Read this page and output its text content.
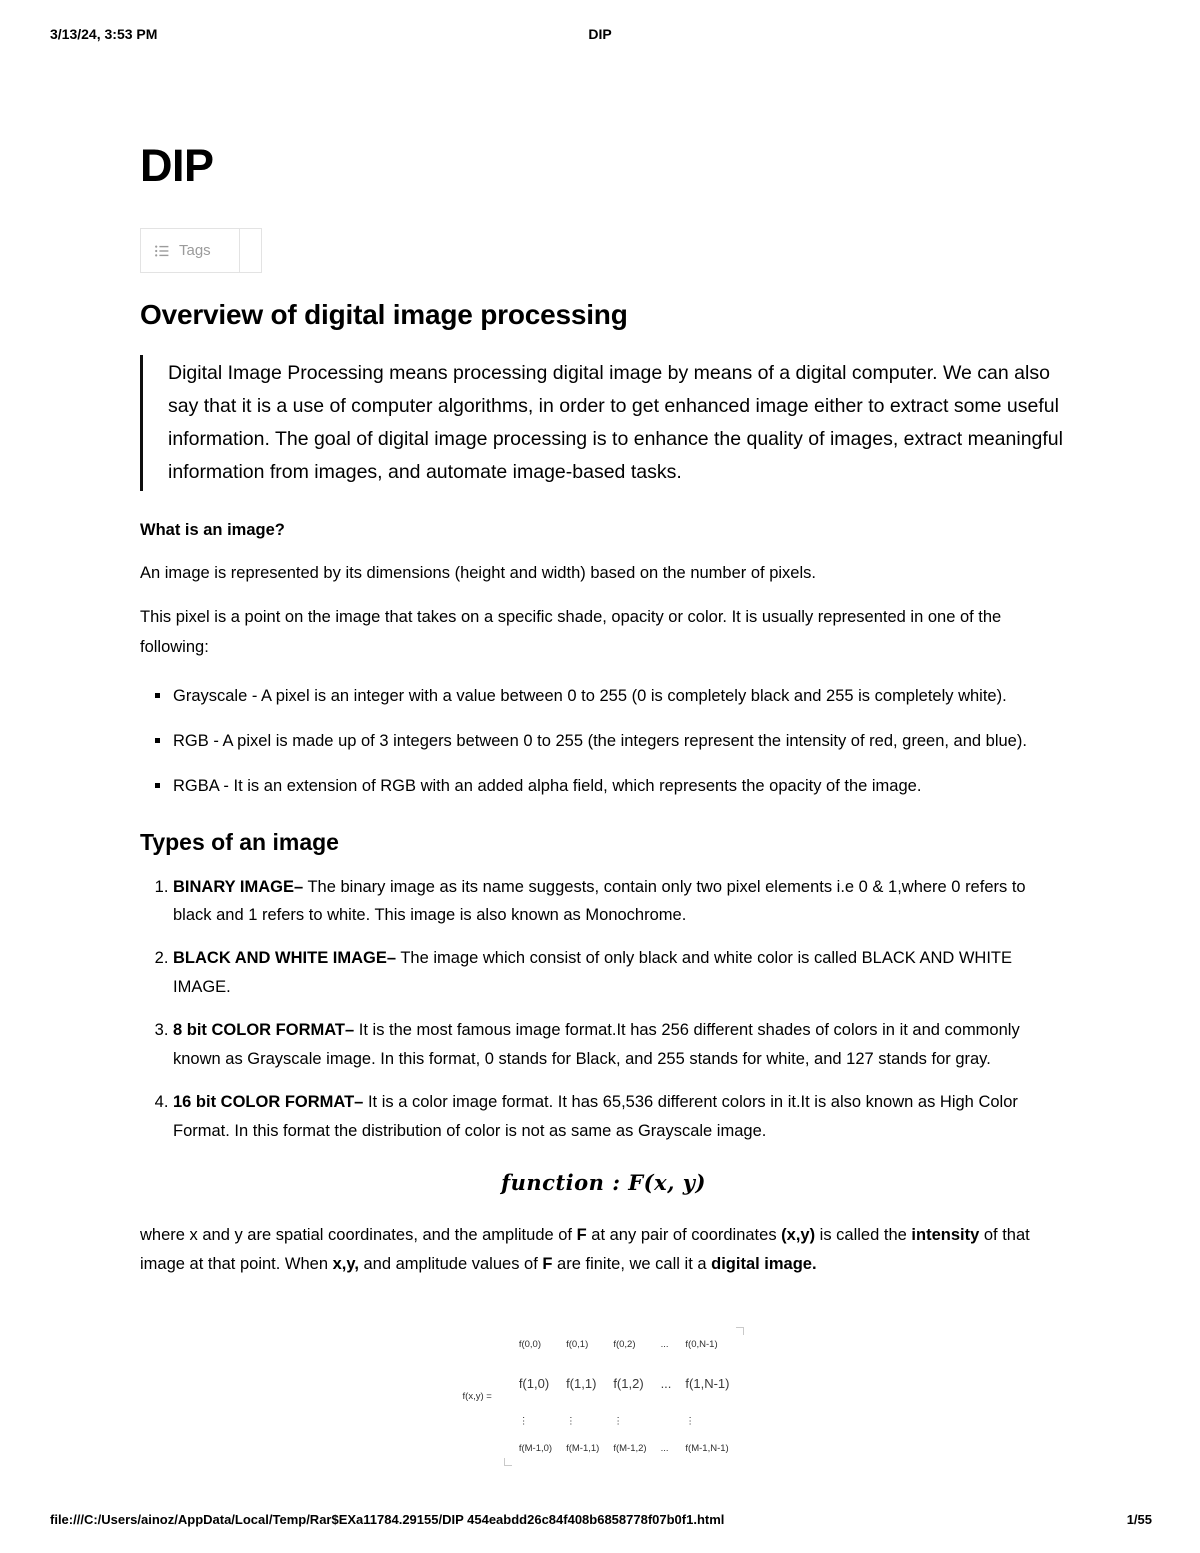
3/13/24, 3:53 PM	DIP
DIP
Tags
Overview of digital image processing
Digital Image Processing means processing digital image by means of a digital computer. We can also say that it is a use of computer algorithms, in order to get enhanced image either to extract some useful information. The goal of digital image processing is to enhance the quality of images, extract meaningful information from images, and automate image-based tasks.

What is an image?

An image is represented by its dimensions (height and width) based on the number of pixels.

This pixel is a point on the image that takes on a specific shade, opacity or color. It is usually represented in one of the following:

Grayscale - A pixel is an integer with a value between 0 to 255 (0 is completely black and 255 is completely white).
RGB - A pixel is made up of 3 integers between 0 to 255 (the integers represent the intensity of red, green, and blue).
RGBA - It is an extension of RGB with an added alpha field, which represents the opacity of the image.
Types of an image
1. BINARY IMAGE– The binary image as its name suggests, contain only two pixel elements i.e 0 & 1,where 0 refers to black and 1 refers to white. This image is also known as Monochrome.
2. BLACK AND WHITE IMAGE– The image which consist of only black and white color is called BLACK AND WHITE IMAGE.
3. 8 bit COLOR FORMAT– It is the most famous image format.It has 256 different shades of colors in it and commonly known as Grayscale image. In this format, 0 stands for Black, and 255 stands for white, and 127 stands for gray.
4. 16 bit COLOR FORMAT– It is a color image format. It has 65,536 different colors in it.It is also known as High Color Format. In this format the distribution of color is not as same as Grayscale image.
function : F(x, y)

where x and y are spatial coordinates, and the amplitude of F at any pair of coordinates (x,y) is called the intensity of that image at that point. When x,y, and amplitude values of F are finite, we call it a digital image.

f(x,y) =
f(0,0)	f(0,1)	f(0,2)	...	f(0,N-1)
f(1,0)	f(1,1)	f(1,2)	...	f(1,N-1)
⋮	⋮	⋮		⋮
f(M-1,0)	f(M-1,1)	f(M-1,2)	...	f(M-1,N-1)
file:///C:/Users/ainoz/AppData/Local/Temp/Rar$EXa11784.29155/DIP 454eabdd26c84f408b6858778f07b0f1.html	1/55
